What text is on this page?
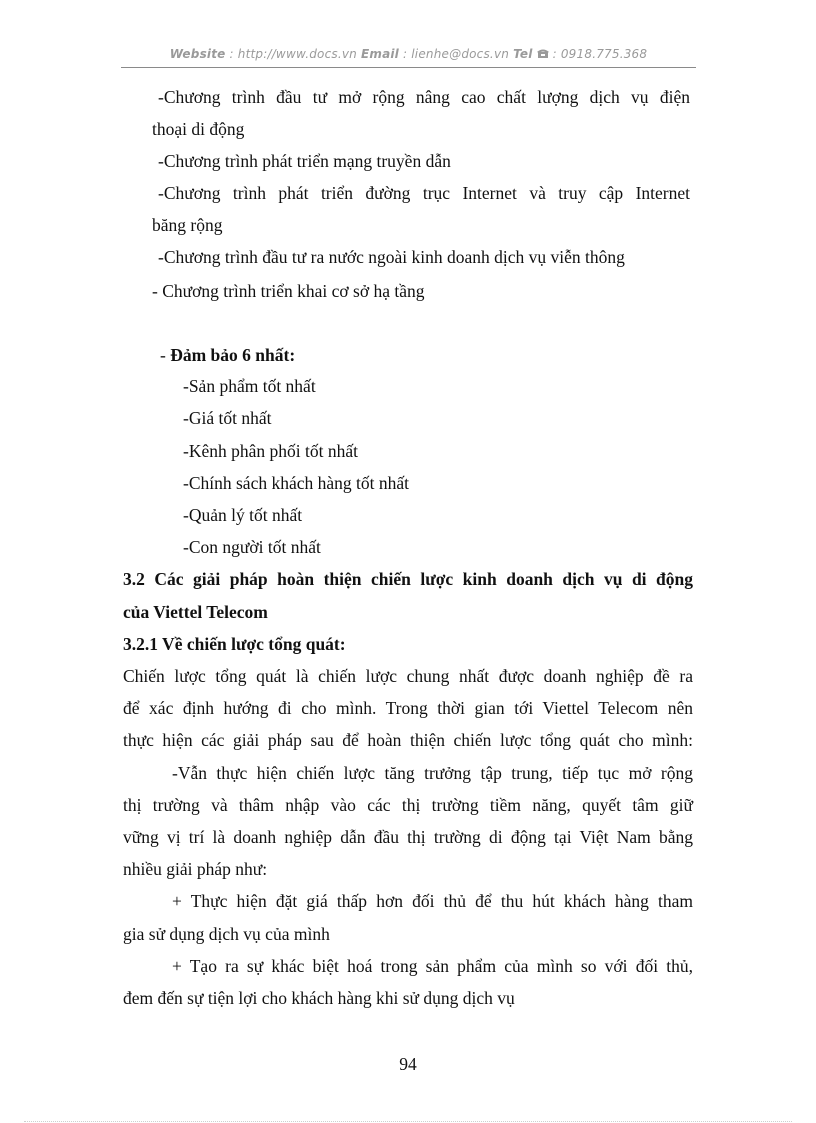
Website : http://www.docs.vn Email : lienhe@docs.vn Tel  : 0918.775.368
-Chương trình đầu tư mở rộng nâng cao chất lượng dịch vụ điện
thoại di động
-Chương trình phát triển mạng truyền dẫn
-Chương trình phát triển đường trục Internet và truy cập Internet
băng rộng
-Chương trình đầu tư ra nước ngoài kinh doanh dịch vụ viễn thông
- Chương trình triển khai cơ sở hạ tầng
- Đảm bảo 6 nhất:
-Sản phẩm tốt nhất
-Giá tốt nhất
-Kênh phân phối tốt nhất
-Chính sách khách hàng tốt nhất
-Quản lý tốt nhất
-Con người tốt nhất
3.2 Các giải pháp hoàn thiện chiến lược kinh doanh dịch vụ di động
của Viettel Telecom
3.2.1 Về chiến lược tổng quát:
Chiến lược tổng quát là chiến lược chung nhất được doanh nghiệp đề ra
để xác định hướng đi cho mình. Trong thời gian tới Viettel Telecom nên
thực hiện các giải pháp sau để hoàn thiện chiến lược tổng quát cho mình:
-Vẫn thực hiện chiến lược tăng trưởng tập trung, tiếp tục mở rộng
thị trường và thâm nhập vào các thị trường tiềm năng, quyết tâm giữ
vững vị trí là doanh nghiệp dẫn đầu thị trường di động tại Việt Nam bằng
nhiều giải pháp như:
+ Thực hiện đặt giá thấp hơn đối thủ để thu hút khách hàng tham
gia sử dụng dịch vụ của mình
+ Tạo ra sự khác biệt hoá trong sản phẩm của mình so với đối thủ,
đem đến sự tiện lợi cho khách hàng khi sử dụng dịch vụ
94
